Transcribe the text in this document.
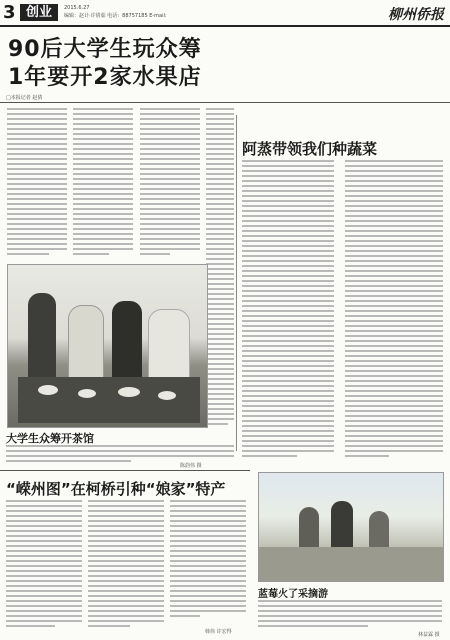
3 创业	2015.6.27
编辑：赵计·许倩茹 电话：88757185 E-mail:	柳州侨报
90后大学生玩众筹
1年要开2家水果店
□本报记者 赵倩
大学生众筹开茶馆
陈韵伟 摄
阿蒸带领我们种蔬菜
“嵘州图”在柯桥引种“娘家”特产
韩伟 许宏得
蓝莓火了采摘游
林益霖 摄
